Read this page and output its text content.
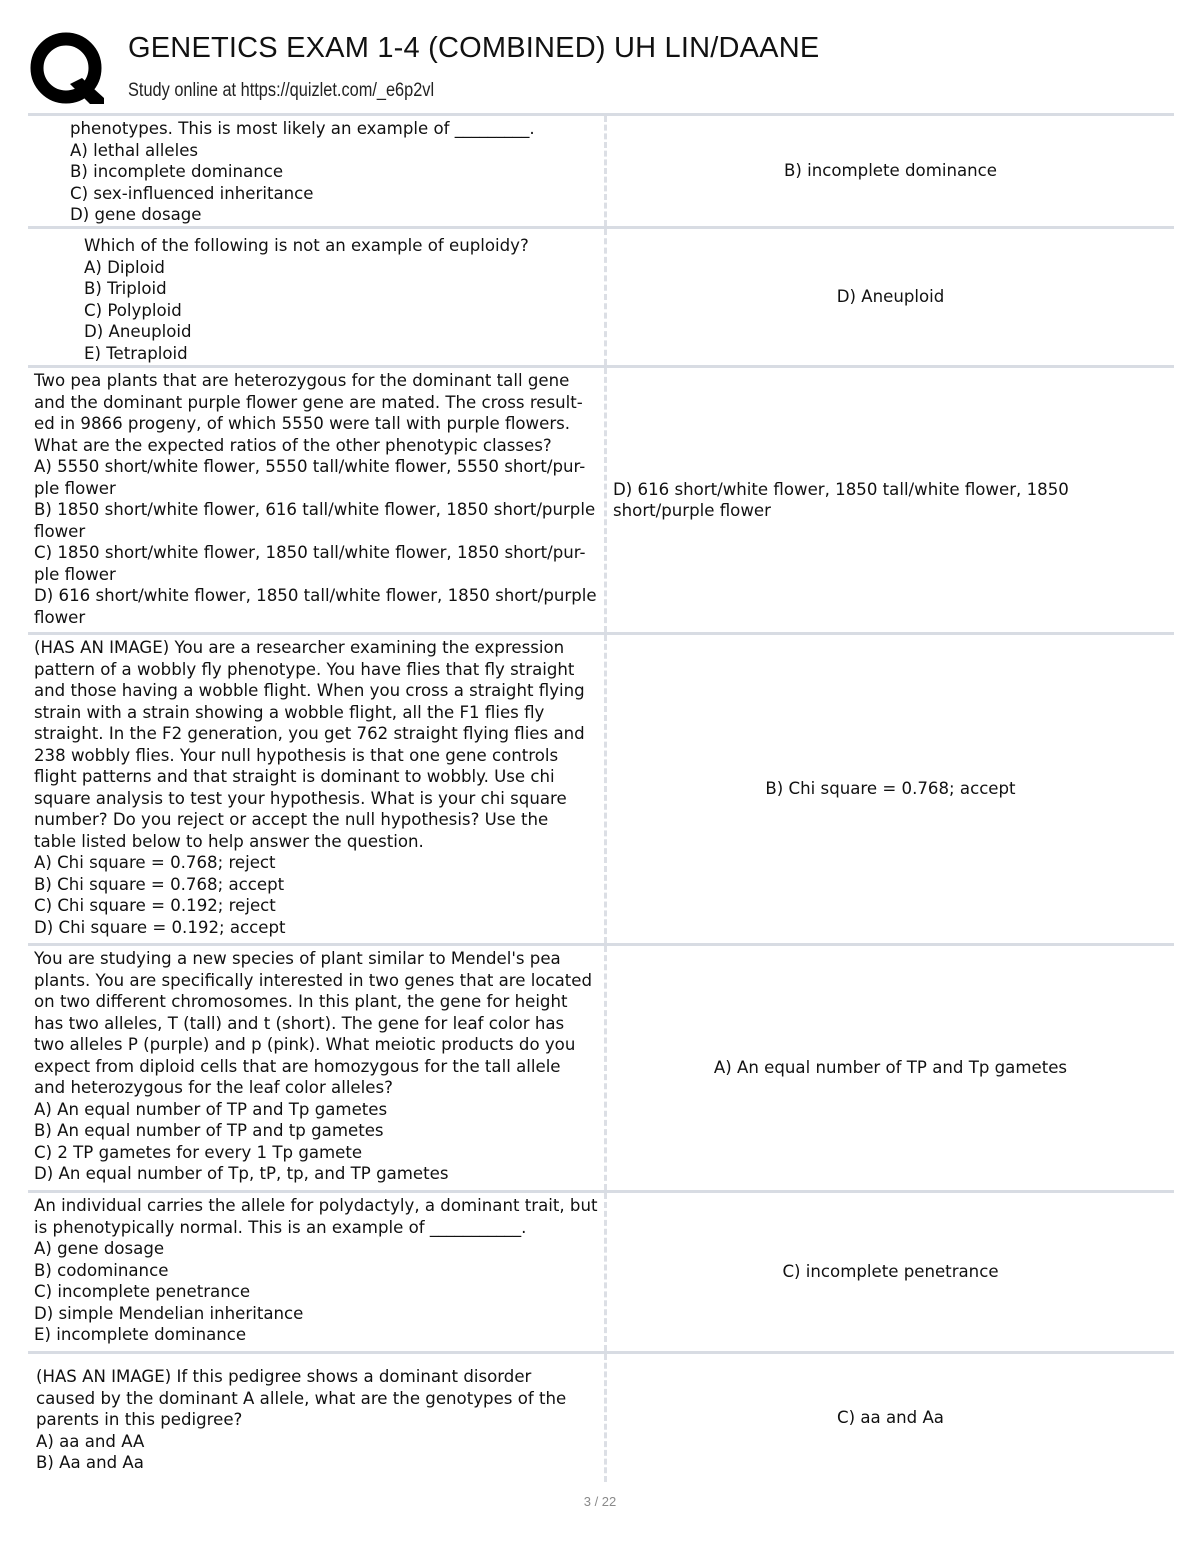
GENETICS EXAM 1-4 (COMBINED) UH LIN/DAANE
Study online at https://quizlet.com/_e6p2vl
phenotypes. This is most likely an example of _________.
A) lethal alleles
B) incomplete dominance
C) sex-influenced inheritance
D) gene dosage
B) incomplete dominance
Which of the following is not an example of euploidy?
A) Diploid
B) Triploid
C) Polyploid
D) Aneuploid
E) Tetraploid
D) Aneuploid
Two pea plants that are heterozygous for the dominant tall gene
and the dominant purple flower gene are mated. The cross result-
ed in 9866 progeny, of which 5550 were tall with purple flowers.
What are the expected ratios of the other phenotypic classes?
A) 5550 short/white flower, 5550 tall/white flower, 5550 short/pur-
ple flower
B) 1850 short/white flower, 616 tall/white flower, 1850 short/purple
flower
C) 1850 short/white flower, 1850 tall/white flower, 1850 short/pur-
ple flower
D) 616 short/white flower, 1850 tall/white flower, 1850 short/purple
flower
D) 616 short/white flower, 1850 tall/white flower, 1850 short/purple flower
(HAS AN IMAGE) You are a researcher examining the expression
pattern of a wobbly fly phenotype. You have flies that fly straight
and those having a wobble flight. When you cross a straight flying
strain with a strain showing a wobble flight, all the F1 flies fly
straight. In the F2 generation, you get 762 straight flying flies and
238 wobbly flies. Your null hypothesis is that one gene controls
flight patterns and that straight is dominant to wobbly. Use chi
square analysis to test your hypothesis. What is your chi square
number? Do you reject or accept the null hypothesis? Use the
table listed below to help answer the question.
A) Chi square = 0.768; reject
B) Chi square = 0.768; accept
C) Chi square = 0.192; reject
D) Chi square = 0.192; accept
B) Chi square = 0.768; accept
You are studying a new species of plant similar to Mendel's pea
plants. You are specifically interested in two genes that are located
on two different chromosomes. In this plant, the gene for height
has two alleles, T (tall) and t (short). The gene for leaf color has
two alleles P (purple) and p (pink). What meiotic products do you
expect from diploid cells that are homozygous for the tall allele
and heterozygous for the leaf color alleles?
A) An equal number of TP and Tp gametes
B) An equal number of TP and tp gametes
C) 2 TP gametes for every 1 Tp gamete
D) An equal number of Tp, tP, tp, and TP gametes
A) An equal number of TP and Tp gametes
An individual carries the allele for polydactyly, a dominant trait, but
is phenotypically normal. This is an example of ___________.
A) gene dosage
B) codominance
C) incomplete penetrance
D) simple Mendelian inheritance
E) incomplete dominance
C) incomplete penetrance
(HAS AN IMAGE) If this pedigree shows a dominant disorder
caused by the dominant A allele, what are the genotypes of the
parents in this pedigree?
A) aa and AA
B) Aa and Aa
C) aa and Aa
3 / 22
